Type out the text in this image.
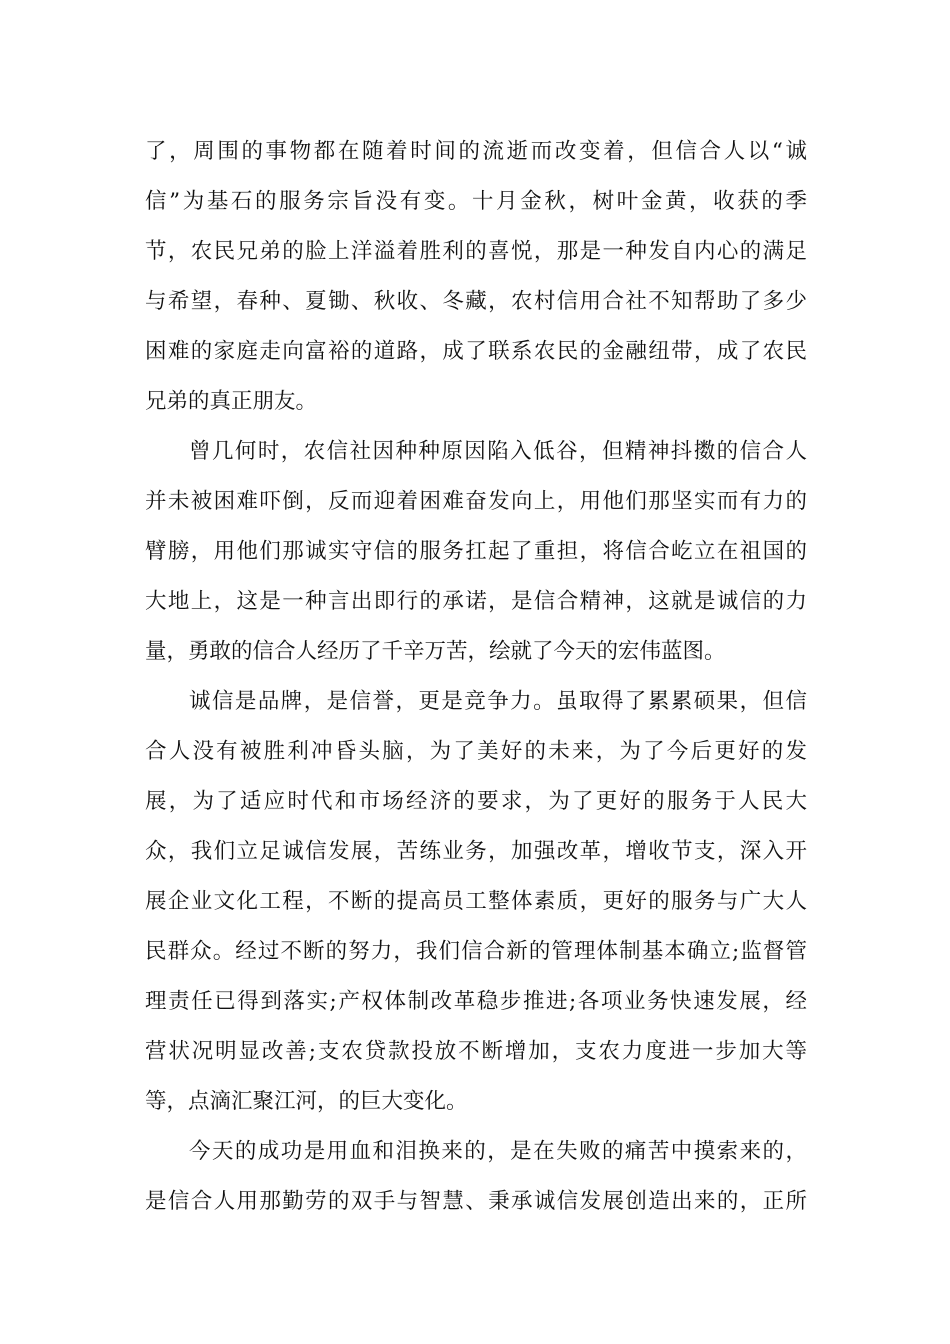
了，周围的事物都在随着时间的流逝而改变着，但信合人以“诚
信”为基石的服务宗旨没有变。十月金秋，树叶金黄，收获的季
节，农民兄弟的脸上洋溢着胜利的喜悦，那是一种发自内心的满足
与希望，春种、夏锄、秋收、冬藏，农村信用合社不知帮助了多少
困难的家庭走向富裕的道路，成了联系农民的金融纽带，成了农民
兄弟的真正朋友。
曾几何时，农信社因种种原因陷入低谷，但精神抖擞的信合人
并未被困难吓倒，反而迎着困难奋发向上，用他们那坚实而有力的
臂膀，用他们那诚实守信的服务扛起了重担，将信合屹立在祖国的
大地上，这是一种言出即行的承诺，是信合精神，这就是诚信的力
量，勇敢的信合人经历了千辛万苦，绘就了今天的宏伟蓝图。
诚信是品牌，是信誉，更是竞争力。虽取得了累累硕果，但信
合人没有被胜利冲昏头脑，为了美好的未来，为了今后更好的发
展，为了适应时代和市场经济的要求，为了更好的服务于人民大
众，我们立足诚信发展，苦练业务，加强改革，增收节支，深入开
展企业文化工程，不断的提高员工整体素质，更好的服务与广大人
民群众。经过不断的努力，我们信合新的管理体制基本确立;监督管
理责任已得到落实;产权体制改革稳步推进;各项业务快速发展，经
营状况明显改善;支农贷款投放不断增加，支农力度进一步加大等
等，点滴汇聚江河，的巨大变化。
今天的成功是用血和泪换来的，是在失败的痛苦中摸索来的，
是信合人用那勤劳的双手与智慧、秉承诚信发展创造出来的，正所
